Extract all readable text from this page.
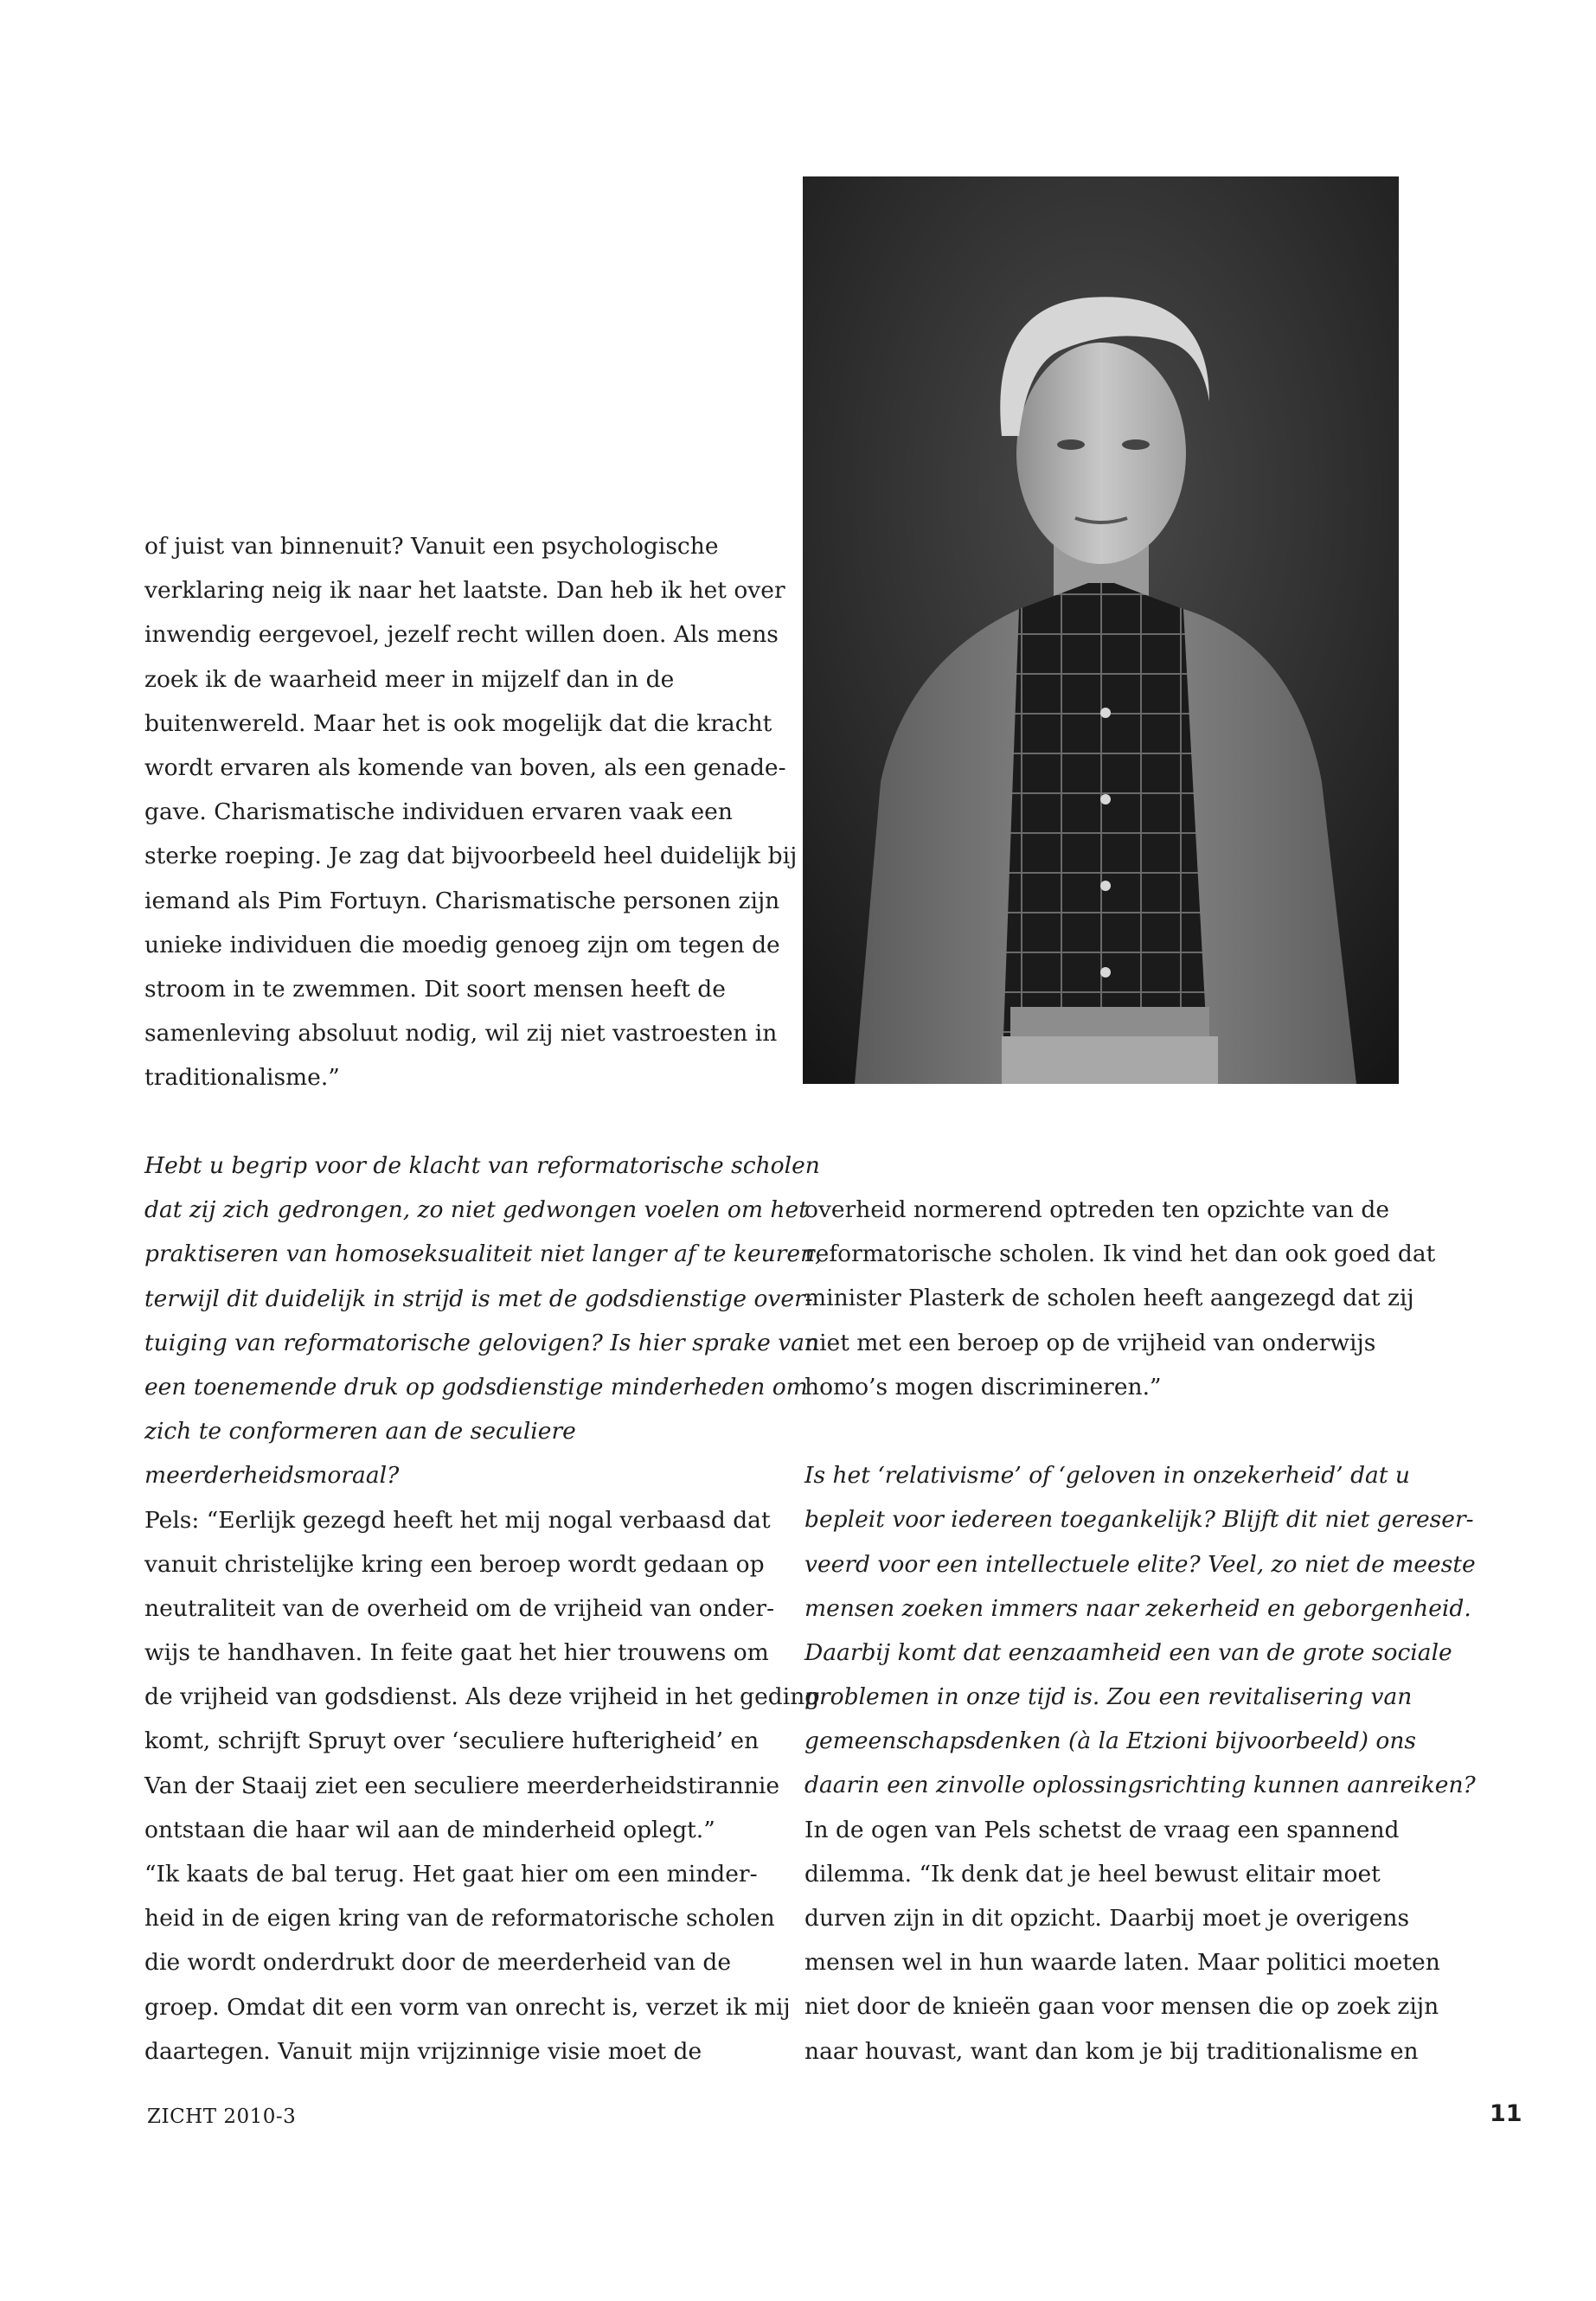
of juist van binnenuit? Vanuit een psychologische
verklaring neig ik naar het laatste. Dan heb ik het over
inwendig eergevoel, jezelf recht willen doen. Als mens
zoek ik de waarheid meer in mijzelf dan in de
buitenwereld. Maar het is ook mogelijk dat die kracht
wordt ervaren als komende van boven, als een genade-
gave. Charismatische individuen ervaren vaak een
sterke roeping. Je zag dat bijvoorbeeld heel duidelijk bij
iemand als Pim Fortuyn. Charismatische personen zijn
unieke individuen die moedig genoeg zijn om tegen de
stroom in te zwemmen. Dit soort mensen heeft de
samenleving absoluut nodig, wil zij niet vastroesten in
traditionalisme.”
Hebt u begrip voor de klacht van reformatorische scholen
dat zij zich gedrongen, zo niet gedwongen voelen om het
praktiseren van homoseksualiteit niet langer af te keuren,
terwijl dit duidelijk in strijd is met de godsdienstige over-
tuiging van reformatorische gelovigen? Is hier sprake van
een toenemende druk op godsdienstige minderheden om
zich te conformeren aan de seculiere
meerderheidsmoraal?
Pels: “Eerlijk gezegd heeft het mij nogal verbaasd dat
vanuit christelijke kring een beroep wordt gedaan op
neutraliteit van de overheid om de vrijheid van onder-
wijs te handhaven. In feite gaat het hier trouwens om
de vrijheid van godsdienst. Als deze vrijheid in het geding
komt, schrijft Spruyt over ‘seculiere hufterigheid’ en
Van der Staaij ziet een seculiere meerderheidstirannie
ontstaan die haar wil aan de minderheid oplegt.”
“Ik kaats de bal terug. Het gaat hier om een minder-
heid in de eigen kring van de reformatorische scholen
die wordt onderdrukt door de meerderheid van de
groep. Omdat dit een vorm van onrecht is, verzet ik mij
daartegen. Vanuit mijn vrijzinnige visie moet de
overheid normerend optreden ten opzichte van de
reformatorische scholen. Ik vind het dan ook goed dat
minister Plasterk de scholen heeft aangezegd dat zij
niet met een beroep op de vrijheid van onderwijs
homo’s mogen discrimineren.”
Is het ‘relativisme’ of ‘geloven in onzekerheid’ dat u
bepleit voor iedereen toegankelijk? Blijft dit niet gereser-
veerd voor een intellectuele elite? Veel, zo niet de meeste
mensen zoeken immers naar zekerheid en geborgenheid.
Daarbij komt dat eenzaamheid een van de grote sociale
problemen in onze tijd is. Zou een revitalisering van
gemeenschapsdenken (à la Etzioni bijvoorbeeld) ons
daarin een zinvolle oplossingsrichting kunnen aanreiken?
In de ogen van Pels schetst de vraag een spannend
dilemma. “Ik denk dat je heel bewust elitair moet
durven zijn in dit opzicht. Daarbij moet je overigens
mensen wel in hun waarde laten. Maar politici moeten
niet door de knieën gaan voor mensen die op zoek zijn
naar houvast, want dan kom je bij traditionalisme en
ZICHT 2010-3	11
